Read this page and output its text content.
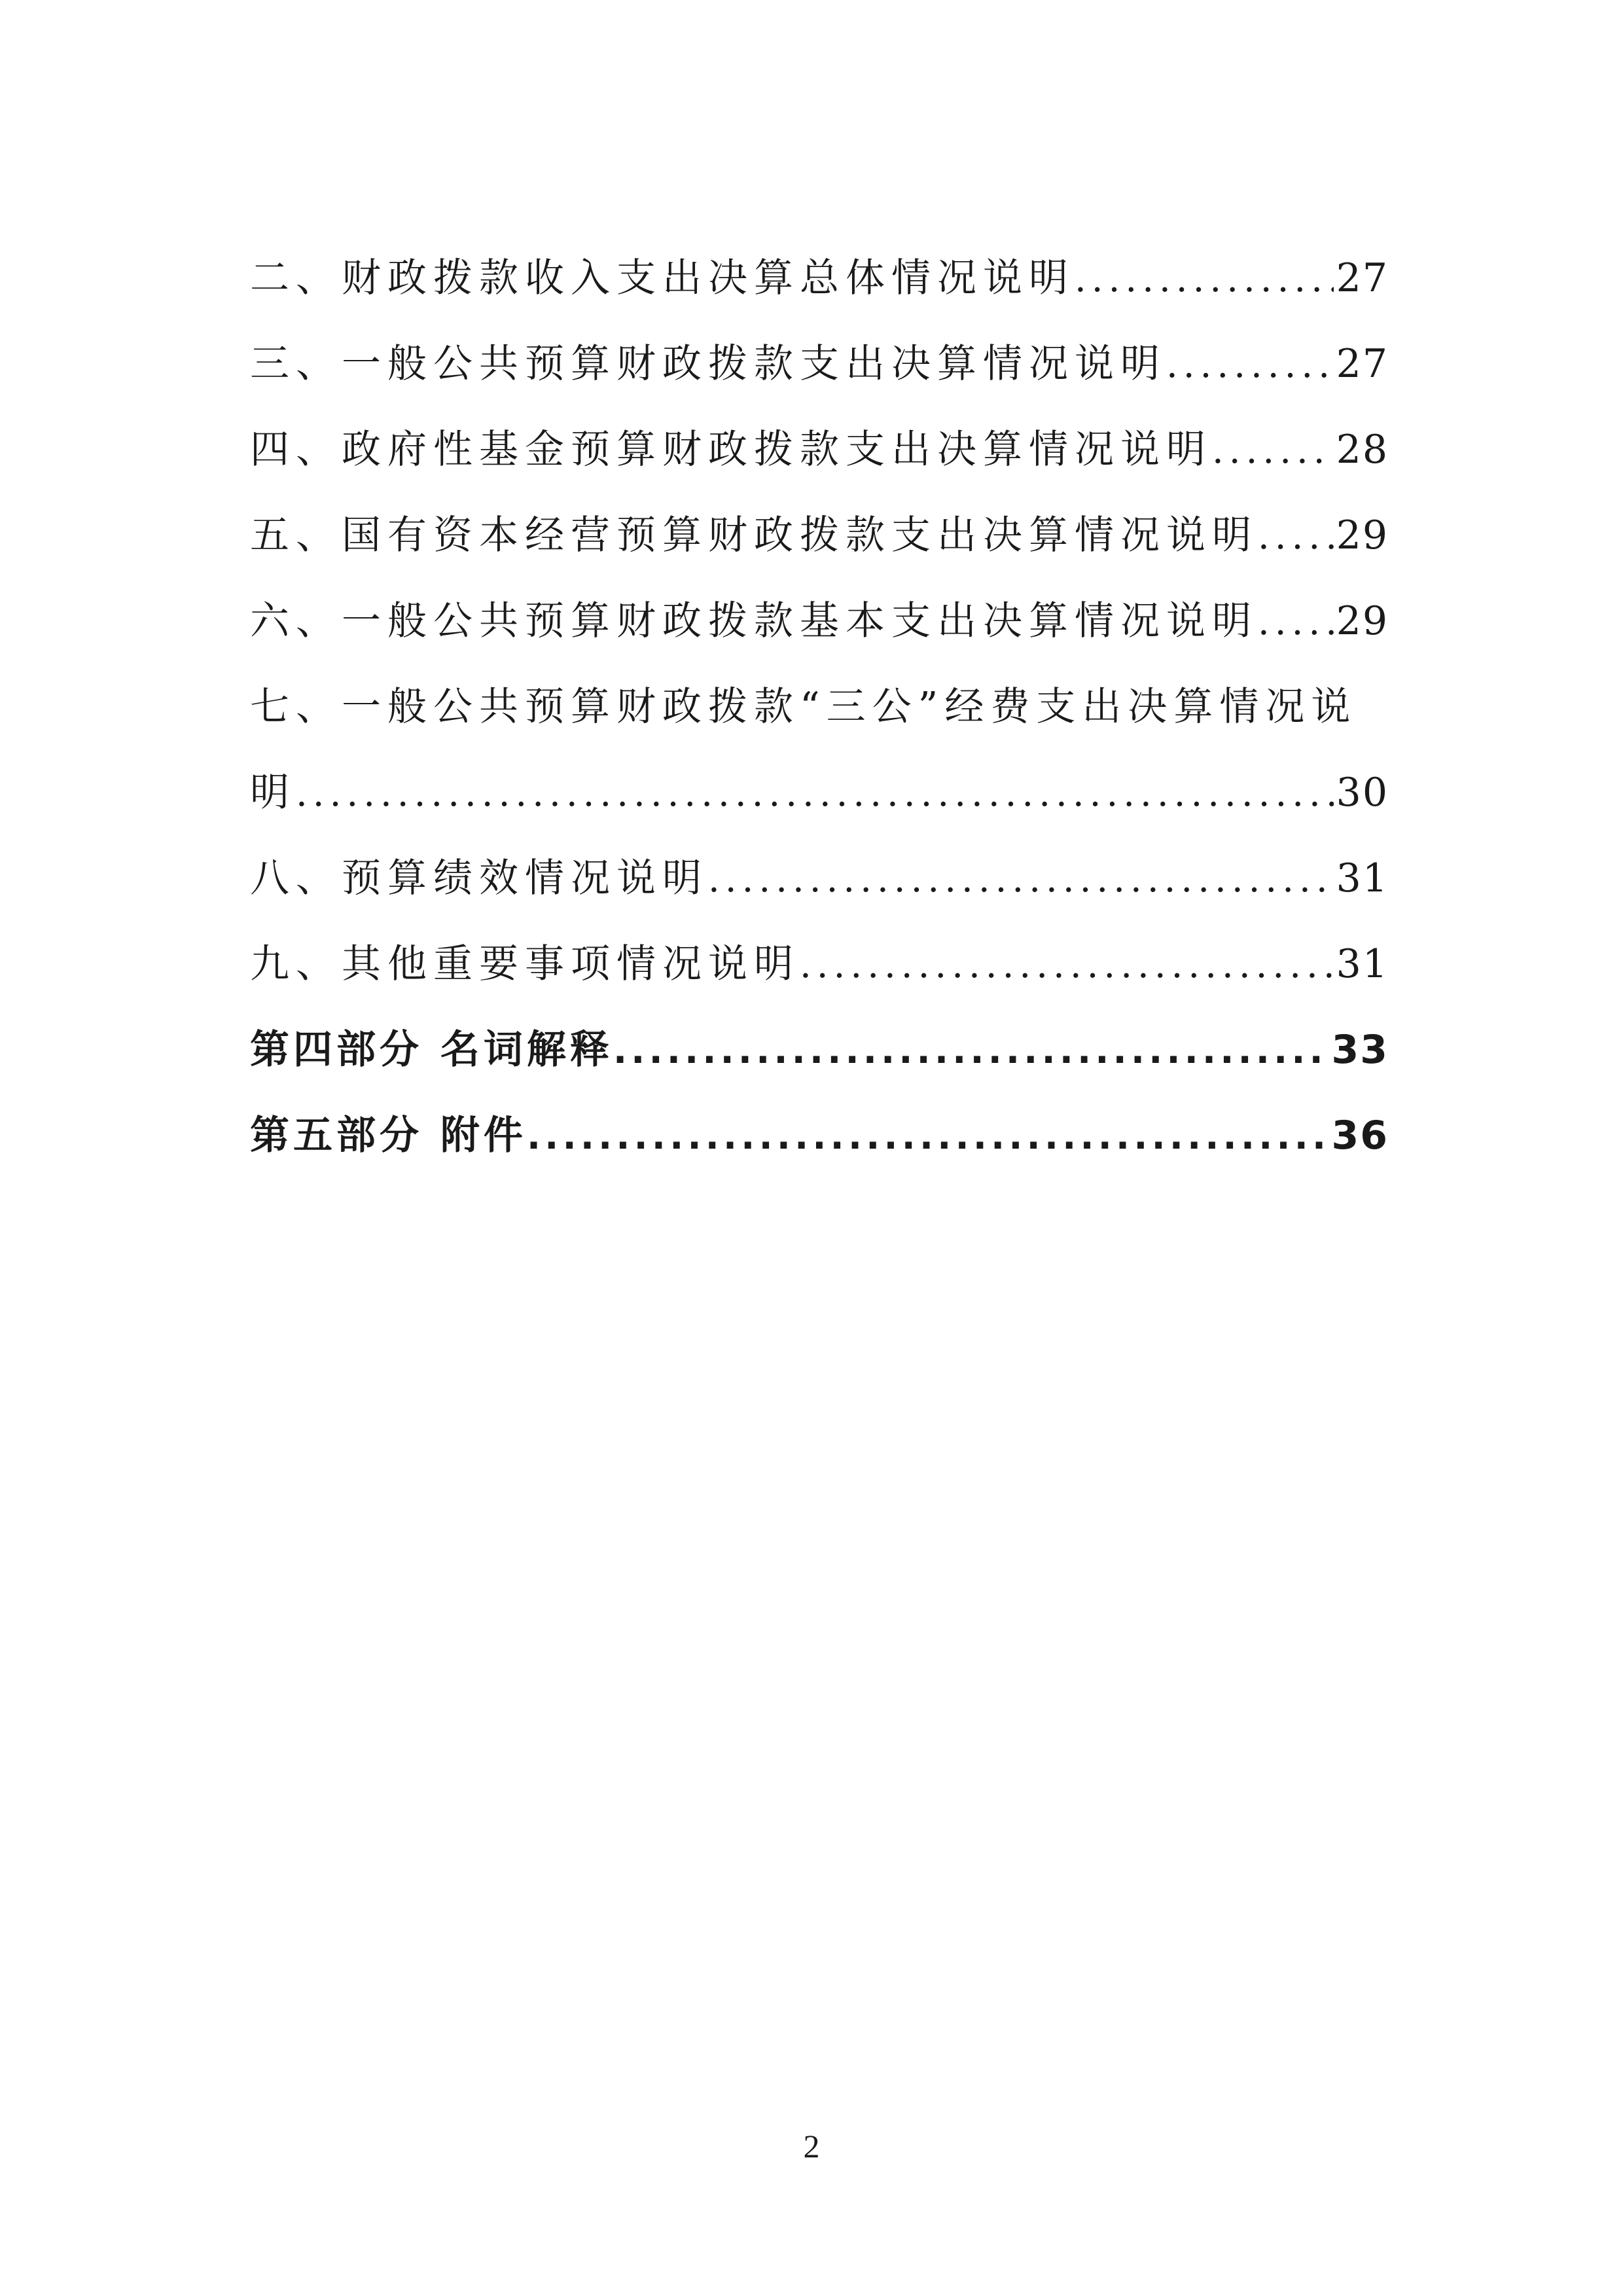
二、财政拨款收入支出决算总体情况说明 .....	27
三、一般公共预算财政拨款支出决算情况说明 .....	27
四、政府性基金预算财政拨款支出决算情况说明 .....	28
五、国有资本经营预算财政拨款支出决算情况说明 ..... 29
六、一般公共预算财政拨款基本支出决算情况说明 ..... 29
七、一般公共预算财政拨款“三公”经费支出决算情况说
明 .....	30
八、预算绩效情况说明 .....	31
九、其他重要事项情况说明 .....	31
第四部分 名词解释 .....	33
第五部分 附件 .....	36
2
